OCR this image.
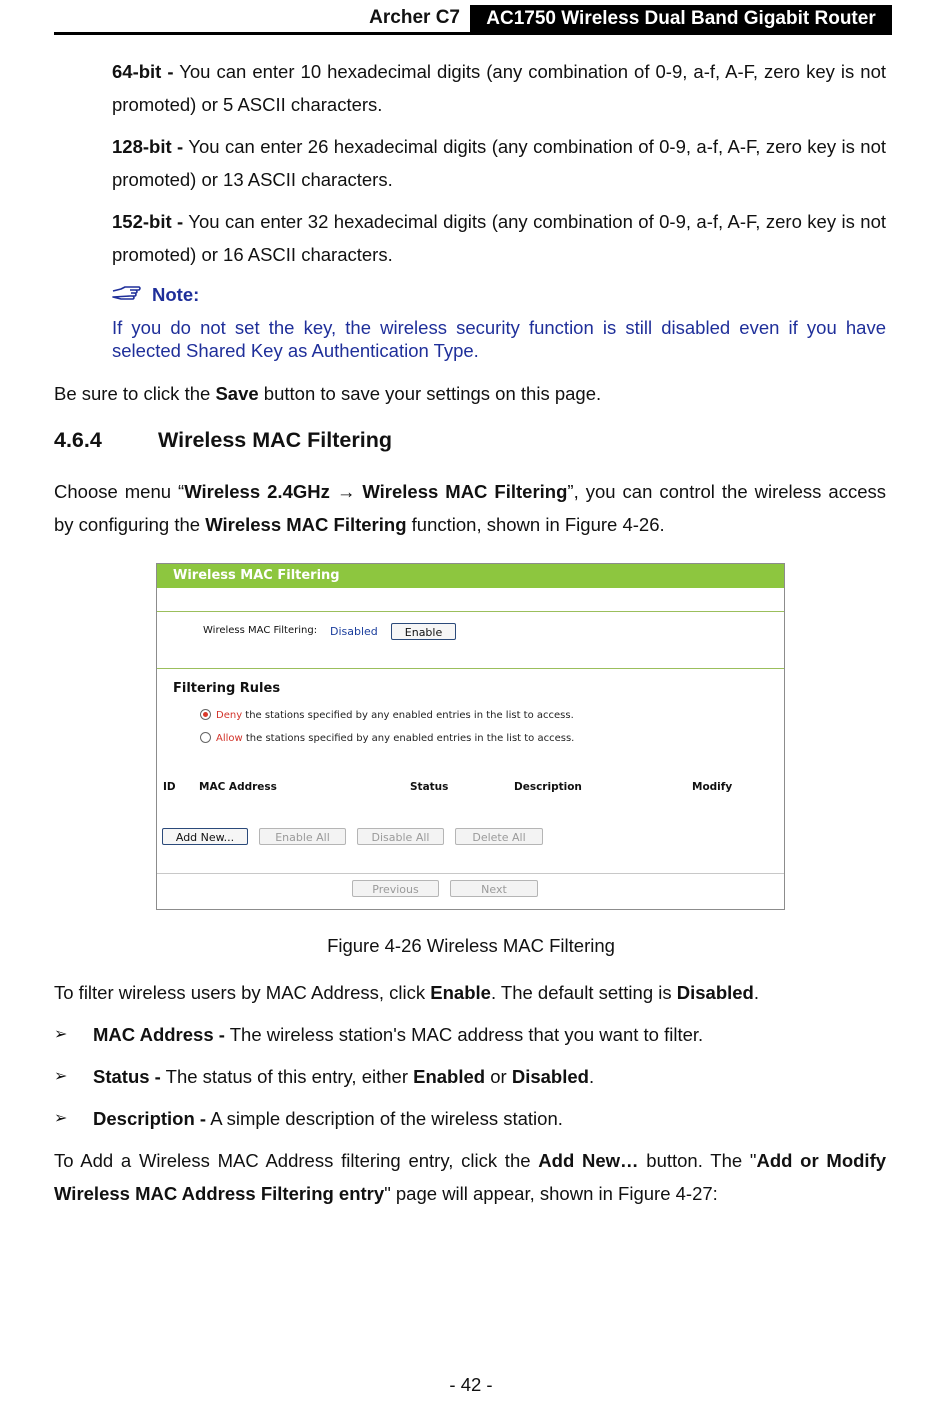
Archer C7	AC1750 Wireless Dual Band Gigabit Router
64-bit - You can enter 10 hexadecimal digits (any combination of 0-9, a-f, A-F, zero key is not promoted) or 5 ASCII characters.
128-bit - You can enter 26 hexadecimal digits (any combination of 0-9, a-f, A-F, zero key is not promoted) or 13 ASCII characters.
152-bit - You can enter 32 hexadecimal digits (any combination of 0-9, a-f, A-F, zero key is not promoted) or 16 ASCII characters.
Note:
If you do not set the key, the wireless security function is still disabled even if you have selected Shared Key as Authentication Type.
Be sure to click the Save button to save your settings on this page.
4.6.4	Wireless MAC Filtering
Choose menu “Wireless 2.4GHz → Wireless MAC Filtering”, you can control the wireless access by configuring the Wireless MAC Filtering function, shown in Figure 4-26.
Wireless MAC Filtering
Wireless MAC Filtering: Disabled	Enable
Filtering Rules
Deny the stations specified by any enabled entries in the list to access.
Allow the stations specified by any enabled entries in the list to access.
ID MAC Address	Status	Description	Modify
Add New...	Enable All	Disable All	Delete All
Previous	Next
Figure 4-26 Wireless MAC Filtering
To filter wireless users by MAC Address, click Enable. The default setting is Disabled.
➢ MAC Address - The wireless station's MAC address that you want to filter.
➢ Status - The status of this entry, either Enabled or Disabled.
➢ Description - A simple description of the wireless station.
To Add a Wireless MAC Address filtering entry, click the Add New… button. The "Add or Modify Wireless MAC Address Filtering entry" page will appear, shown in Figure 4-27:
- 42 -
